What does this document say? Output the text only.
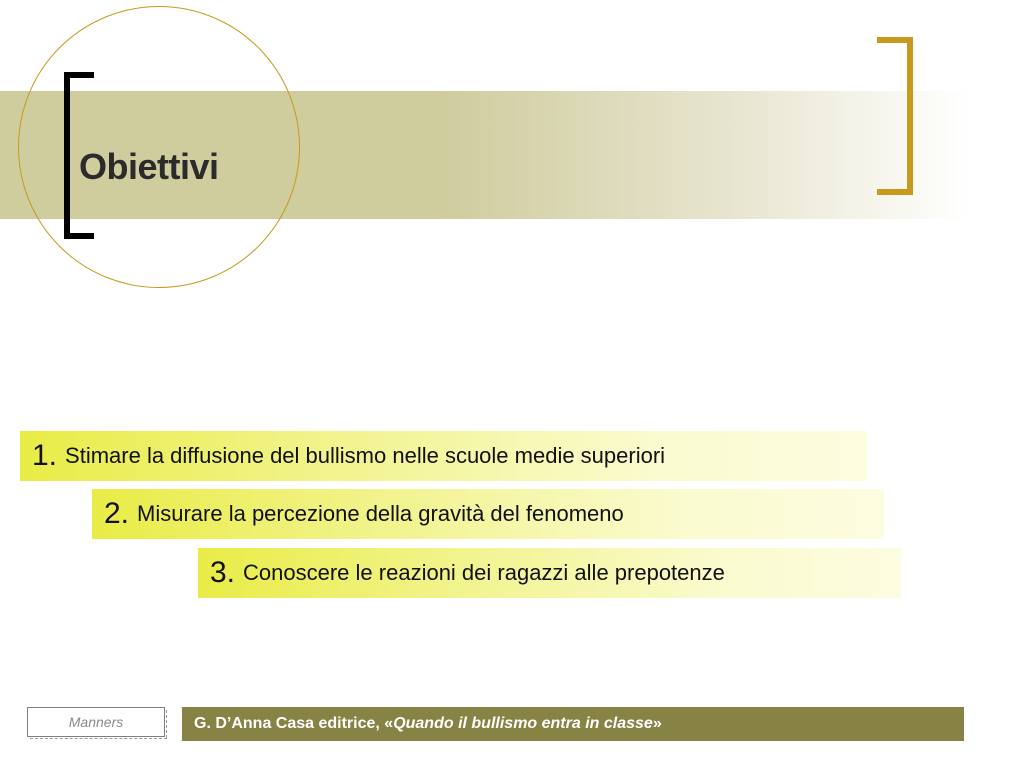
Obiettivi
1. Stimare la diffusione del bullismo nelle scuole medie superiori
2. Misurare la percezione della gravità del fenomeno
3. Conoscere le reazioni dei ragazzi alle prepotenze
Manners	G. D’Anna Casa editrice, « Quando il bullismo entra in classe »
